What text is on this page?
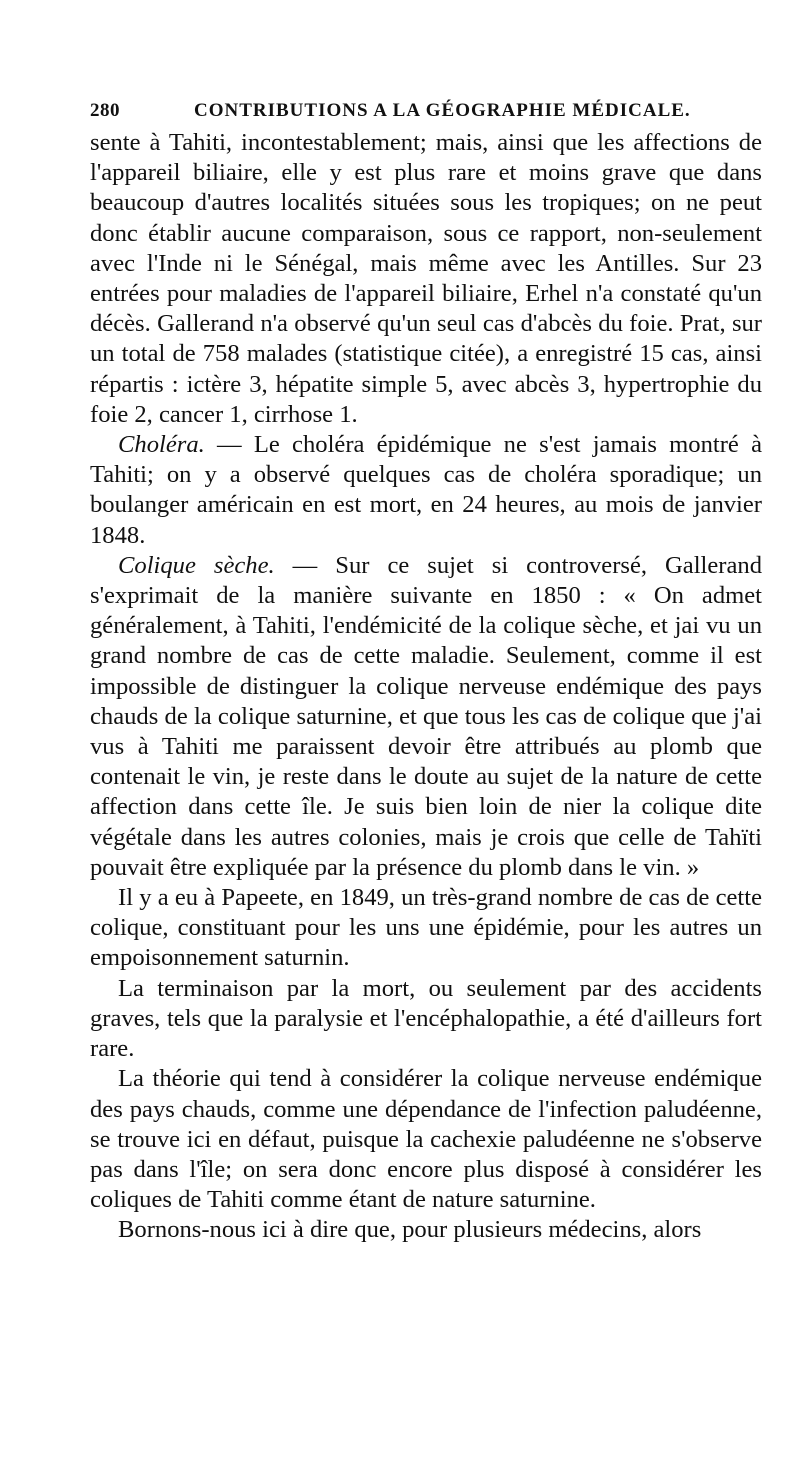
280	CONTRIBUTIONS A LA GÉOGRAPHIE MÉDICALE.

sente à Tahiti, incontestablement; mais, ainsi que les affections de l'appareil biliaire, elle y est plus rare et moins grave que dans beaucoup d'autres localités situées sous les tropiques; on ne peut donc établir aucune comparaison, sous ce rapport, non-seulement avec l'Inde ni le Sénégal, mais même avec les Antilles. Sur 23 entrées pour maladies de l'appareil biliaire, Erhel n'a constaté qu'un décès. Gallerand n'a observé qu'un seul cas d'abcès du foie. Prat, sur un total de 758 malades (statistique citée), a enregistré 15 cas, ainsi répartis : ictère 3, hépatite simple 5, avec abcès 3, hypertrophie du foie 2, cancer 1, cirrhose 1.

Choléra. — Le choléra épidémique ne s'est jamais montré à Tahiti; on y a observé quelques cas de choléra sporadique; un boulanger américain en est mort, en 24 heures, au mois de janvier 1848.

Colique sèche. — Sur ce sujet si controversé, Gallerand s'exprimait de la manière suivante en 1850 : « On admet généralement, à Tahiti, l'endémicité de la colique sèche, et jai vu un grand nombre de cas de cette maladie. Seulement, comme il est impossible de distinguer la colique nerveuse endémique des pays chauds de la colique saturnine, et que tous les cas de colique que j'ai vus à Tahiti me paraissent devoir être attribués au plomb que contenait le vin, je reste dans le doute au sujet de la nature de cette affection dans cette île. Je suis bien loin de nier la colique dite végétale dans les autres colonies, mais je crois que celle de Tahïti pouvait être expliquée par la présence du plomb dans le vin. »

Il y a eu à Papeete, en 1849, un très-grand nombre de cas de cette colique, constituant pour les uns une épidémie, pour les autres un empoisonnement saturnin.

La terminaison par la mort, ou seulement par des accidents graves, tels que la paralysie et l'encéphalopathie, a été d'ailleurs fort rare.

La théorie qui tend à considérer la colique nerveuse endémique des pays chauds, comme une dépendance de l'infection paludéenne, se trouve ici en défaut, puisque la cachexie paludéenne ne s'observe pas dans l'île; on sera donc encore plus disposé à considérer les coliques de Tahiti comme étant de nature saturnine.

Bornons-nous ici à dire que, pour plusieurs médecins, alors
